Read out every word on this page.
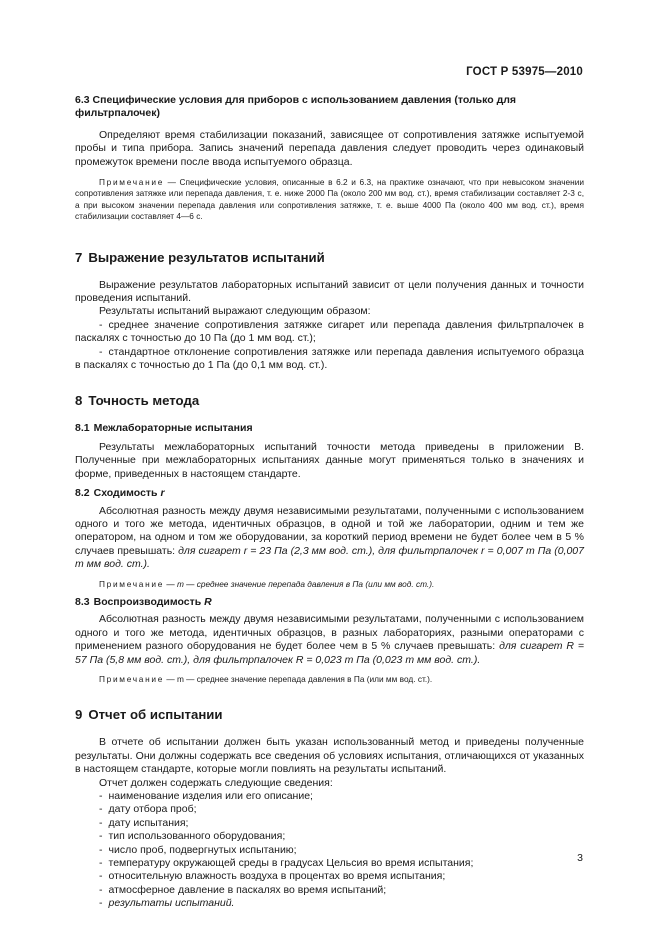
ГОСТ Р 53975—2010

6.3 Специфические условия для приборов с использованием давления (только для

фильтрпалочек)

Определяют время стабилизации показаний, зависящее от сопротивления затяжке испытуемой пробы и типа прибора. Запись значений перепада давления следует проводить через одинаковый промежуток времени после ввода испытуемого образца.

Примечание — Специфические условия, описанные в 6.2 и 6.3, на практике означают, что при невысоком значении сопротивления затяжке или перепада давления, т. е. ниже 2000 Па (около 200 мм вод. ст.), время стабилизации составляет 2-3 с, а при высоком значении перепада давления или сопротивления затяжке, т. е. выше 4000 Па (около 400 мм вод. ст.), время стабилизации составляет 4—6 с.

7 Выражение результатов испытаний

Выражение результатов лабораторных испытаний зависит от цели получения данных и точности проведения испытаний.

Результаты испытаний выражают следующим образом:

- среднее значение сопротивления затяжке сигарет или перепада давления фильтрпалочек в паскалях с точностью до 10 Па (до 1 мм вод. ст.);

- стандартное отклонение сопротивления затяжке или перепада давления испытуемого образца в паскалях с точностью до 1 Па (до 0,1 мм вод. ст.).

8 Точность метода

8.1 Межлабораторные испытания

Результаты межлабораторных испытаний точности метода приведены в приложении В. Полученные при межлабораторных испытаниях данные могут применяться только в значениях и форме, приведенных в настоящем стандарте.

8.2 Сходимость r

Абсолютная разность между двумя независимыми результатами, полученными с использованием одного и того же метода, идентичных образцов, в одной и той же лаборатории, одним и тем же оператором, на одном и том же оборудовании, за короткий период времени не будет более чем в 5 % случаев превышать: для сигарет r = 23 Па (2,3 мм вод. ст.), для фильтрпалочек r = 0,007 m Па (0,007 m мм вод. ст.).

Примечание — m — среднее значение перепада давления в Па (или мм вод. ст.).

8.3 Воспроизводимость R

Абсолютная разность между двумя независимыми результатами, полученными с использованием одного и того же метода, идентичных образцов, в разных лабораториях, разными операторами с применением разного оборудования не будет более чем в 5 % случаев превышать: для сигарет R = 57 Па (5,8 мм вод. ст.), для фильтрпалочек R = 0,023 m Па (0,023 m мм вод. ст.).

Примечание — m — среднее значение перепада давления в Па (или мм вод. ст.).

9 Отчет об испытании

В отчете об испытании должен быть указан использованный метод и приведены полученные результаты. Они должны содержать все сведения об условиях испытания, отличающихся от указанных в настоящем стандарте, которые могли повлиять на результаты испытаний.

Отчет должен содержать следующие сведения:

- наименование изделия или его описание;

- дату отбора проб;

- дату испытания;

- тип использованного оборудования;

- число проб, подвергнутых испытанию;

- температуру окружающей среды в градусах Цельсия во время испытания;

- относительную влажность воздуха в процентах во время испытания;

- атмосферное давление в паскалях во время испытаний;

- результаты испытаний.

3
